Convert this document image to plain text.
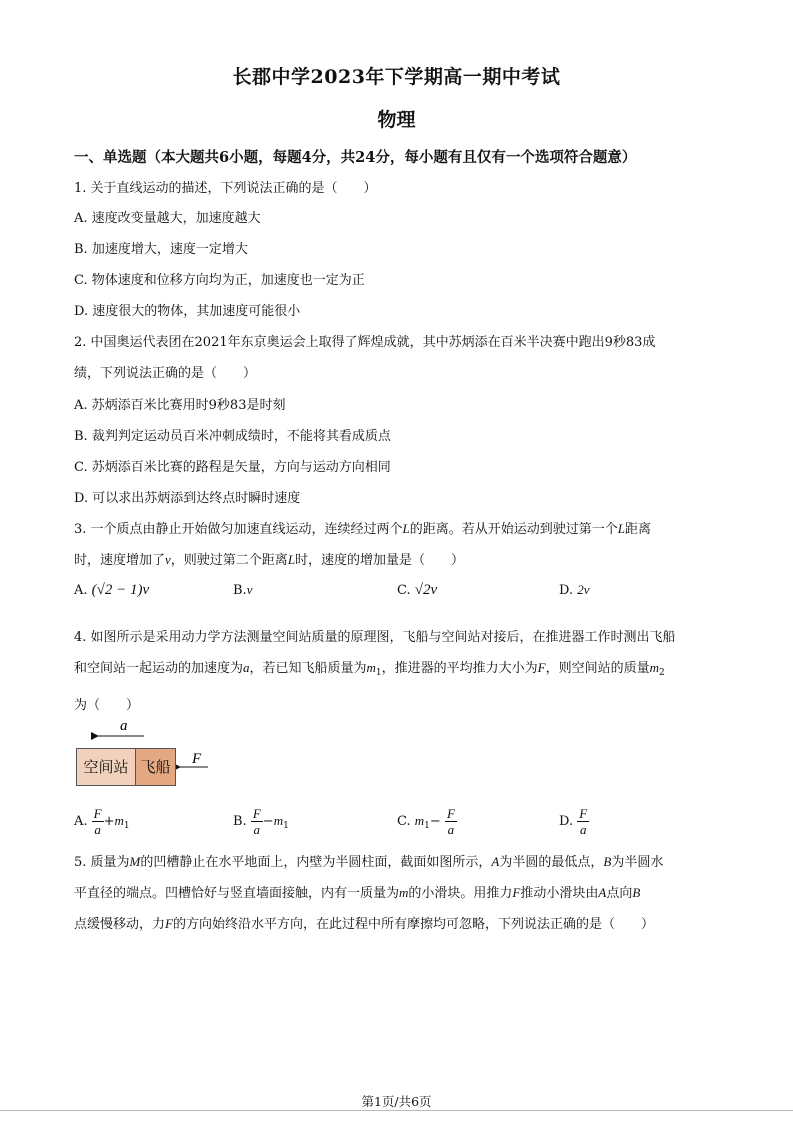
长郡中学2023年下学期高一期中考试
物理
一、单选题（本大题共6小题，每题4分，共24分，每小题有且仅有一个选项符合题意）
1. 关于直线运动的描述，下列说法正确的是（　　）
A. 速度改变量越大，加速度越大
B. 加速度增大，速度一定增大
C. 物体速度和位移方向均为正，加速度也一定为正
D. 速度很大的物体，其加速度可能很小
2. 中国奥运代表团在2021年东京奥运会上取得了辉煌成就，其中苏炳添在百米半决赛中跑出9秒83成
绩，下列说法正确的是（　　）
A. 苏炳添百米比赛用时9秒83是时刻
B. 裁判判定运动员百米冲刺成绩时，不能将其看成质点
C. 苏炳添百米比赛的路程是矢量，方向与运动方向相同
D. 可以求出苏炳添到达终点时瞬时速度
3. 一个质点由静止开始做匀加速直线运动，连续经过两个L的距离。若从开始运动到驶过第一个L距离
时，速度增加了v，则驶过第二个距离L时，速度的增加量是（　　）
A. (√2 − 1)v	B.v	C. √2v	D. 2v
4. 如图所示是采用动力学方法测量空间站质量的原理图，飞船与空间站对接后，在推进器工作时测出飞船
和空间站一起运动的加速度为a，若已知飞船质量为$m_1$，推进器的平均推力大小为F，则空间站的质量$m_2$
为（　　）
a
F
空间站 飞船
A. $\frac{F}{a} +m_1$	B. $\frac{F}{a} -m_1$	C. $m_1- \frac{F}{a}$	D. $\frac{F}{a}$
5. 质量为M的凹槽静止在水平地面上，内壁为半圆柱面，截面如图所示，A为半圆的最低点，B为半圆水
平直径的端点。凹槽恰好与竖直墙面接触，内有一质量为m的小滑块。用推力F推动小滑块由A点向B
点缓慢移动，力F的方向始终沿水平方向，在此过程中所有摩擦均可忽略，下列说法正确的是（　　）
第1页/共6页
